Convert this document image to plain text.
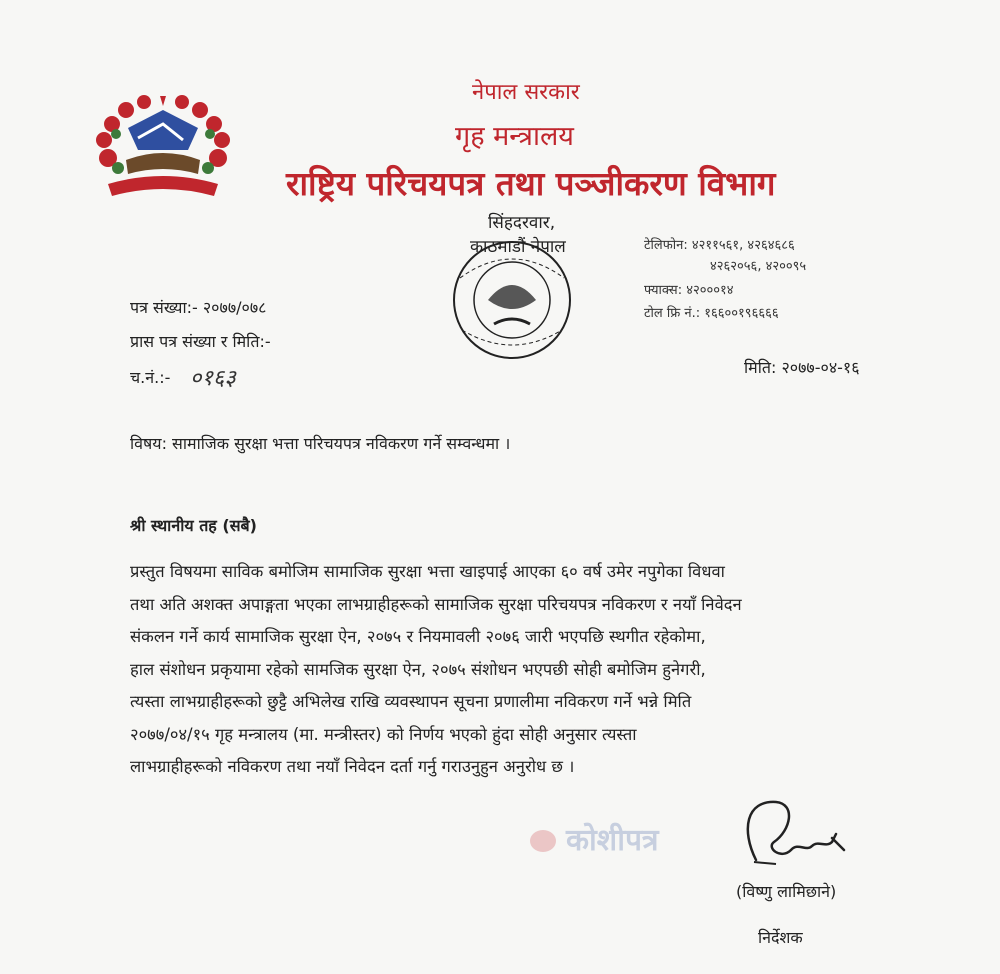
नेपाल सरकार
गृह मन्त्रालय
राष्ट्रिय परिचयपत्र तथा पञ्जीकरण विभाग
सिंहदरवार,
काठमाडौं नेपाल	टेलिफोन: ४२११५६१, ४२६४६८६
४२६२०५६, ४२००९५
फ्याक्स: ४२०००१४
टोल फ्रि नं.: १६६००१९६६६६
पत्र संख्या:- २०७७/०७८
प्रास पत्र संख्या र मिति:-
च.नं.:- ०१६३	मिति: २०७७-०४-१६
विषय: सामाजिक सुरक्षा भत्ता परिचयपत्र नविकरण गर्ने सम्वन्धमा ।
श्री स्थानीय तह (सबै)
प्रस्तुत विषयमा साविक बमोजिम सामाजिक सुरक्षा भत्ता खाइपाई आएका ६० वर्ष उमेर नपुगेका विधवा
तथा अति अशक्त अपाङ्गता भएका लाभग्राहीहरूको सामाजिक सुरक्षा परिचयपत्र नविकरण र नयाँ निवेदन
संकलन गर्ने कार्य सामाजिक सुरक्षा ऐन, २०७५ र नियमावली २०७६ जारी भएपछि स्थगीत रहेकोमा,
हाल संशोधन प्रकृयामा रहेको सामजिक सुरक्षा ऐन, २०७५ संशोधन भएपछी सोही बमोजिम हुनेगरी,
त्यस्ता लाभग्राहीहरूको छुट्टै अभिलेख राखि व्यवस्थापन सूचना प्रणालीमा नविकरण गर्ने भन्ने मिति
२०७७/०४/१५ गृह मन्त्रालय (मा. मन्त्रीस्तर) को निर्णय भएको हुंदा सोही अनुसार त्यस्ता
लाभग्राहीहरूको नविकरण तथा नयाँ निवेदन दर्ता गर्नु गराउनुहुन अनुरोध छ ।
कोशीपत्र
(विष्णु लामिछाने)
निर्देशक
